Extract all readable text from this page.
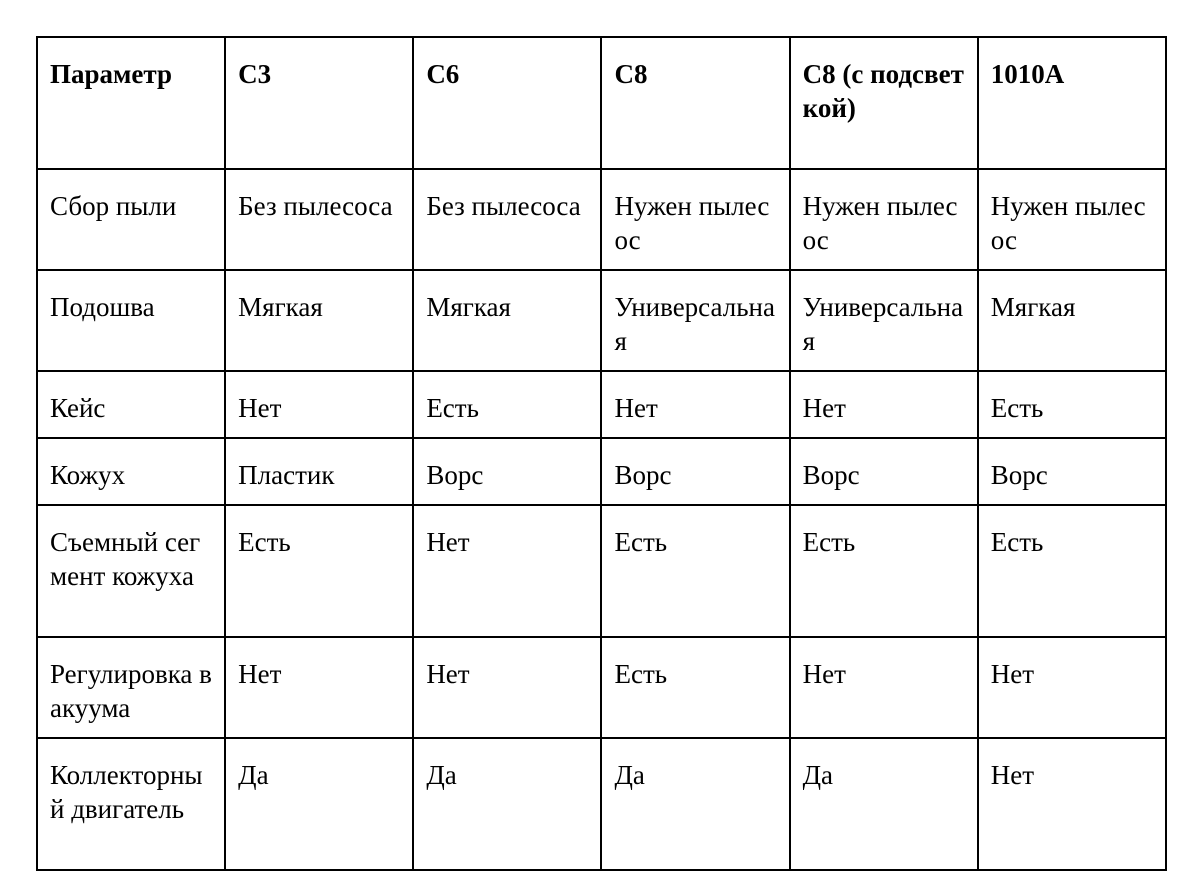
Параметр	C3	C6	C8	C8 (с подсветкой)	1010A
Сбор пыли	Без пылесоса	Без пылесоса	Нужен пылесос	Нужен пылесос	Нужен пылесос
Подошва	Мягкая	Мягкая	Универсальная	Универсальная	Мягкая
Кейс	Нет	Есть	Нет	Нет	Есть
Кожух	Пластик	Ворс	Ворс	Ворс	Ворс
Съемный сегмент кожуха	Есть	Нет	Есть	Есть	Есть
Регулировка вакуума	Нет	Нет	Есть	Нет	Нет
Коллекторный двигатель	Да	Да	Да	Да	Нет
